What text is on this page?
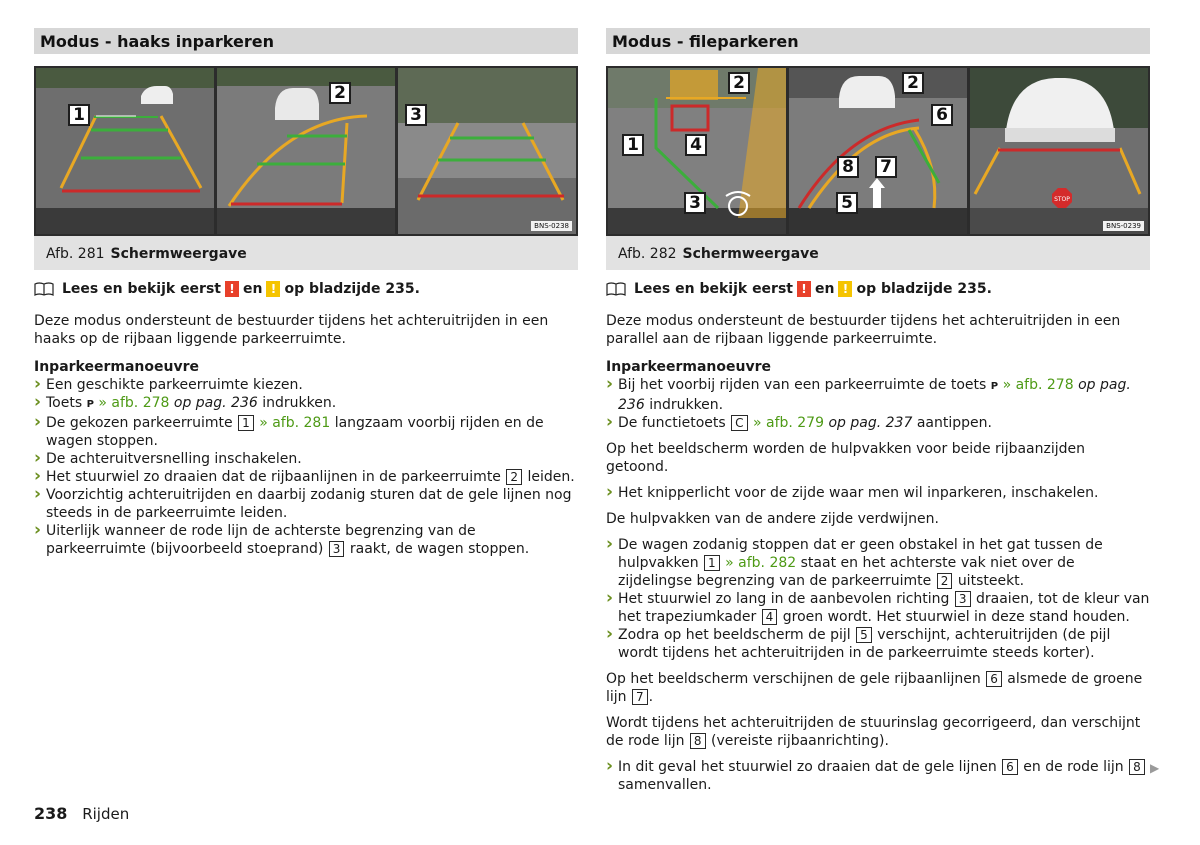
Modus - haaks inparkeren
BNS-0238
1
2
3
Afb. 281 Schermweergave
Lees en bekijk eerst ! en ! op bladzijde 235.

Deze modus ondersteunt de bestuurder tijdens het achteruitrijden in een haaks op de rijbaan liggende parkeerruimte.

Inparkeermanoeuvre
› Een geschikte parkeerruimte kiezen.
› Toets P » afb. 278 op pag. 236 indrukken.
› De gekozen parkeerruimte 1 » afb. 281 langzaam voorbij rijden en de wagen stoppen.
› De achteruitversnelling inschakelen.
› Het stuurwiel zo draaien dat de rijbaanlijnen in de parkeerruimte 2 leiden.
› Voorzichtig achteruitrijden en daarbij zodanig sturen dat de gele lijnen nog steeds in de parkeerruimte leiden.
› Uiterlijk wanneer de rode lijn de achterste begrenzing van de parkeerruimte (bijvoorbeeld stoeprand) 3 raakt, de wagen stoppen.
Modus - fileparkeren
STOP
BNS-0239
1
2
3
4
2
5
6
7
8
Afb. 282 Schermweergave
Lees en bekijk eerst ! en ! op bladzijde 235.

Deze modus ondersteunt de bestuurder tijdens het achteruitrijden in een parallel aan de rijbaan liggende parkeerruimte.

Inparkeermanoeuvre
› Bij het voorbij rijden van een parkeerruimte de toets P » afb. 278 op pag. 236 indrukken.
› De functietoets C » afb. 279 op pag. 237 aantippen.

Op het beeldscherm worden de hulpvakken voor beide rijbaanzijden getoond.

› Het knipperlicht voor de zijde waar men wil inparkeren, inschakelen.

De hulpvakken van de andere zijde verdwijnen.

› De wagen zodanig stoppen dat er geen obstakel in het gat tussen de hulpvakken 1 » afb. 282 staat en het achterste vak niet over de zijdelingse begrenzing van de parkeerruimte 2 uitsteekt.
› Het stuurwiel zo lang in de aanbevolen richting 3 draaien, tot de kleur van het trapeziumkader 4 groen wordt. Het stuurwiel in deze stand houden.
› Zodra op het beeldscherm de pijl 5 verschijnt, achteruitrijden (de pijl wordt tijdens het achteruitrijden in de parkeerruimte steeds korter).

Op het beeldscherm verschijnen de gele rijbaanlijnen 6 alsmede de groene lijn 7 .

Wordt tijdens het achteruitrijden de stuurinslag gecorrigeerd, dan verschijnt de rode lijn 8 (vereiste rijbaanrichting).

› In dit geval het stuurwiel zo draaien dat de gele lijnen 6 en de rode lijn 8 samenvallen.
▶
238 Rijden
